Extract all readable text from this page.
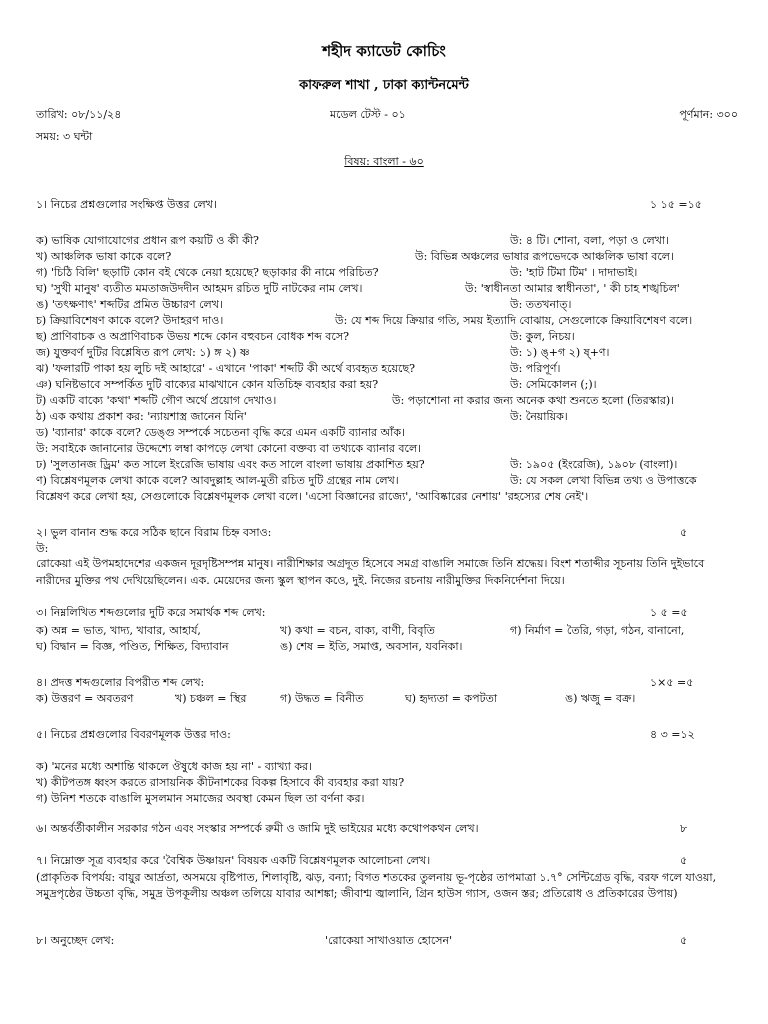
শহীদ ক্যাডেট কোচিং
কাফরুল শাখা , ঢাকা ক্যান্টনমেন্ট
তারিখ: ০৮/১১/২৪	মডেল টেস্ট - ০১	পূর্ণমান: ৩০০
সময়: ৩ ঘন্টা
বিষয়: বাংলা - ৬০
১। নিচের প্রশ্নগুলোর সংক্ষিপ্ত উত্তর লেখ।	১ ১৫ =১৫
ক) ভাষিক যোগাযোগের প্রধান রূপ কয়টি ও কী কী?	উ: ৪ টি। শোনা, বলা, পড়া ও লেখা।
খ) আঞ্চলিক ভাষা কাকে বলে?	উ: বিভিন্ন অঞ্চলের ভাষার রূপভেদকে আঞ্চলিক ভাষা বলে।
গ) 'চিঠি বিলি' ছড়াটি কোন বই থেকে নেয়া হয়েছে? ছড়াকার কী নামে পরিচিত?	উ: 'হাট টিমা টিম' । দাদাভাই।
ঘ) 'সুখী মানুষ' ব্যতীত মমতাজউদদীন আহমদ রচিত দুটি নাটকের নাম লেখ।	উ: 'স্বাধীনতা আমার স্বাধীনতা', ' কী চাহ শঙ্খচিল'
ঙ) 'তৎক্ষণাৎ' শব্দটির প্রমিত উচ্চারণ লেখ।	উ: ততখনাত্।
চ) ক্রিয়াবিশেষণ কাকে বলে? উদাহরণ দাও।	উ: যে শব্দ দিয়ে ক্রিয়ার গতি, সময় ইত্যাদি বোঝায়, সেগুলোকে ক্রিয়াবিশেষণ বলে।
ছ) প্রাণিবাচক ও অপ্রাণিবাচক উভয় শব্দে কোন বহুবচন বোধক শব্দ বসে?	উ: কুল, নিচয়।
জ) যুক্তবর্ণ দুটির বিশ্লেষিত রূপ লেখ: ১) ঙ্গ ২) ষ্ণ	উ: ১) ঙ্+গ ২) ষ্+ণ।
ঝ) 'ফলারটি পাকা হয় লুচি দই আহারে' - এখানে 'পাকা' শব্দটি কী অর্থে ব্যবহৃত হয়েছে?	উ: পরিপূর্ণ।
ঞ) ঘনিষ্টভাবে সম্পর্কিত দুটি বাক্যের মাঝখানে কোন যতিচিহ্ন ব্যবহার করা হয়?	উ: সেমিকোলন (;)।
ট) একটি বাক্যে 'কথা' শব্দটি গৌণ অর্থে প্রয়োগ দেখাও।	উ: পড়াশোনা না করার জন্য অনেক কথা শুনতে হলো (তিরস্কার)।
ঠ) এক কথায় প্রকাশ কর: 'ন্যায়শাস্ত্র জানেন যিনি'	উ: নৈয়ায়িক।
ড) 'ব্যানার' কাকে বলে? ডেঙ্গু সম্পর্কে সচেতনা বৃদ্ধি করে এমন একটি ব্যানার আঁক।
উ: সবাইকে জানানোর উদ্দেশ্যে লম্বা কাপড়ে লেখা কোনো বক্তব্য বা তথ্যকে ব্যানার বলে।
ঢ) 'সুলতানজ ড্রিম' কত সালে ইংরেজি ভাষায় এবং কত সালে বাংলা ভাষায় প্রকাশিত হয়?	উ: ১৯০৫ (ইংরেজি), ১৯০৮ (বাংলা)।
ণ) বিশ্লেষণমূলক লেখা কাকে বলে? আবদুল্লাহ আল-মুতী রচিত দুটি গ্রন্থের নাম লেখ।	উ: যে সকল লেখা বিভিন্ন তথ্য ও উপাত্তকে
বিশ্লেষণ করে লেখা হয়, সেগুলোকে বিশ্লেষণমূলক লেখা বলে। 'এসো বিজ্ঞানের রাজ্যে', 'আবিষ্কারের নেশায়' 'রহস্যের শেষ নেই'।
২। ভুল বানান শুদ্ধ করে সঠিক ছানে বিরাম চিহ্ন বসাও:	৫
উ:
রোকেয়া এই উপমহাদেশের একজন দূরদৃষ্টিসম্পন্ন মানুষ। নারীশিক্ষার অগ্রদূত হিসেবে সমগ্র বাঙালি সমাজে তিনি শ্রদ্ধেয়। বিংশ শতাব্দীর সূচনায় তিনি দুইভাবে নারীদের মুক্তির পথ দেখিয়েছিলেন। এক. মেয়েদের জন্য স্কুল স্থাপন কওে, দুই. নিজের রচনায় নারীমুক্তির দিকনির্দেশনা দিয়ে।
৩। নিম্নলিখিত শব্দগুলোর দুটি করে সমার্থক শব্দ লেখ:	১ ৫ =৫
ক) অন্ন = ভাত, খাদ্য, খাবার, আহার্য,	খ) কথা = বচন, বাক্য, বাণী, বিবৃতি	গ) নির্মাণ = তৈরি, গড়া, গঠন, বানানো,
ঘ) বিদ্বান = বিজ্ঞ, পণ্ডিত, শিক্ষিত, বিদ্যাবান	ঙ) শেষ = ইতি, সমাপ্ত, অবসান, যবনিকা।
৪। প্রদত্ত শব্দগুলোর বিপরীত শব্দ লেখ:	১×৫ =৫
ক) উত্তরণ = অবতরণ	খ) চঞ্চল = স্থির	গ) উদ্ধত = বিনীত	ঘ) হৃদ্যতা = কপটতা	ঙ) ঋজু = বক্র।
৫। নিচের প্রশ্নগুলোর বিবরণমূলক উত্তর দাও:	৪ ৩ =১২
ক) 'মনের মধ্যে অশান্তি থাকলে ঔষুধে কাজ হয় না' - ব্যাখ্যা কর।
খ) কীটপতঙ্গ ধ্বংস করতে রাসায়নিক কীটনাশকের বিকল্প হিসাবে কী ব্যবহার করা যায়?
গ) উনিশ শতকে বাঙালি মুসলমান সমাজের অবস্থা কেমন ছিল তা বর্ণনা কর।
৬। অন্তর্বর্তীকালীন সরকার গঠন এবং সংস্কার সম্পর্কে রুমী ও জামি দুই ভাইয়ের মধ্যে কথোপকথন লেখ।	৮
৭। নিম্নোক্ত সূত্র ব্যবহার করে 'বৈশ্বিক উষ্ণায়ন' বিষয়ক একটি বিশ্লেষণমূলক আলোচনা লেখ।	৫
(প্রাকৃতিক বিপর্যয়: বায়ুর আর্দ্রতা, অসময়ে বৃষ্টিপাত, শিলাবৃষ্টি, ঝড়, বন্যা; বিগত শতকের তুলনায় ভূ-পৃষ্ঠের তাপমাত্রা ১.৭° সেন্টিগ্রেড বৃদ্ধি, বরফ গলে যাওয়া, সমুদ্রপৃষ্ঠের উচ্চতা বৃদ্ধি, সমুদ্র উপকূলীয় অঞ্চল তলিয়ে যাবার আশঙ্কা; জীবাশ্ম জ্বালানি, গ্রিন হাউস গ্যাস, ওজন স্তর; প্রতিরোধ ও প্রতিকারের উপায়)
৮। অনুচ্ছেদ লেখ:	'রোকেয়া সাখাওয়াত হোসেন'	৫
